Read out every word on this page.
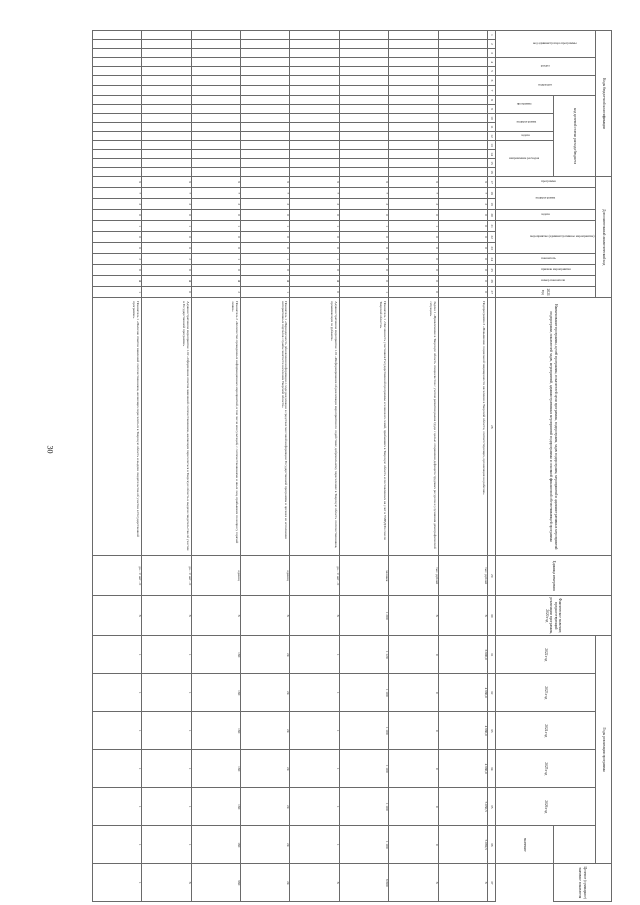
30
Коды бюджетной классификации																Дополнительный аналитический код											Наименование программы, целей программы, показателей цели программы, подпрограмм, задач подпрограмм, мероприятий и административных мероприятий подпрограмм, показателей задач, мероприятий, административных мероприятий подпрограммы и основной финансовой обеспечивающей программы	Единица измерения	Фактическое значение, предшествующий реализации программы, 2020 год	Годы реализации программы						Целевое (суммарное) значение показателя

код администратора программы			раздел		подраздел		код целевой статьи расхода бюджета									программа	подпрограмма		задача	мероприятие (административное мероприятие)			показатель	признак мероприятия	номер показателя	2021 год				2022 год	2023 год	2024 год	2025 год	2026 год		

							программа		подпрограмма		задача	направление расходов																							значение	
1	2	3	4	5	6	7	8	9	10	11	12	13	14	15	16	17	18	19	20	21	22	23	24	25	26	27	28	29	30	31	32	33	34	35	36	37
																6	7	3	0	0	0	0	0	0	0	0	Подпрограмма 3 «Повышение социальной защищенности населения в Тверской области, соответствующих, организация на рабочие»	тыс. рублей	Х	6 800,0	4 980,0	4 980,0	4 980,0	5 050,5	5 069,5	Х
																6	7	3	0	1	0	0	0	0	0	0	Задача 1 «Привлечение в Тверскую область специалистов с учетом развития рынка труда с целью сохранения дефицита трудовых ресурсов и улучшения демографической ситуации»	тыс. рублей	Х	0	0	0	0	0	0	Х
																6	7	3	0	1	0	0	0	0	0	1	Показатель 1 «Численность участников Государственной программы и членов их семей, прибывших в Тверскую область и поставленных на учет в УМВД России по Тверской области»	человек	1 200	1 120	1 100	1 100	1 100	1 100	1 100	6 600
																6	7	3	0	1	0	0	1	0	Я	0	Административное мероприятие 1.01 «Информирование об реализации мероприятия по содействию добровольному переселению в Тверскую область соотечественников, проживающих за рубежом»	да - 1/ нет - 0	Х	1	1	1	1	1	1	Х
																6	7	3	0	1	0	0	1	0	Я	1	Показатель 1 «Периодичность обновления информации о ходе реализации в средствах массовой информации Государственной программы и органах ее исполнения интерактивных порталов службы занятости населения Тверской области»	единиц	Х	24	24	24	24	24	24	24
																6	7	3	0	1	0	0	1	0	Я	2	Показатель 2 «Количество проведенных информационных мероприятий, в том числе консультаций, с соотечественниками и иных лиц, прибывших по вопросу горячей линии»	единиц	Х	160	160	160	160	160	160	960
																6	7	3	0	1	0	0	2	0	Я	0	Административное мероприятие 1.02 «Оформление ответов заявлений соотечественников, желающих переселиться в Тверскую область и выдачи свидетельства об участии в Государственной программе»	да - 1/ нет - 0	Х	1	1	1	1	1	1	Х
																6	7	3	0	1	0	0	2	0	Я	1	Показатель 1 «Наличие ответов заявлений соотечественников, желающих переселиться в Тверскую область и выдачи свидетельства об участии в Государственной программе»	да - 1/ нет - 0	Х	1	1	1	1	1	1	1
